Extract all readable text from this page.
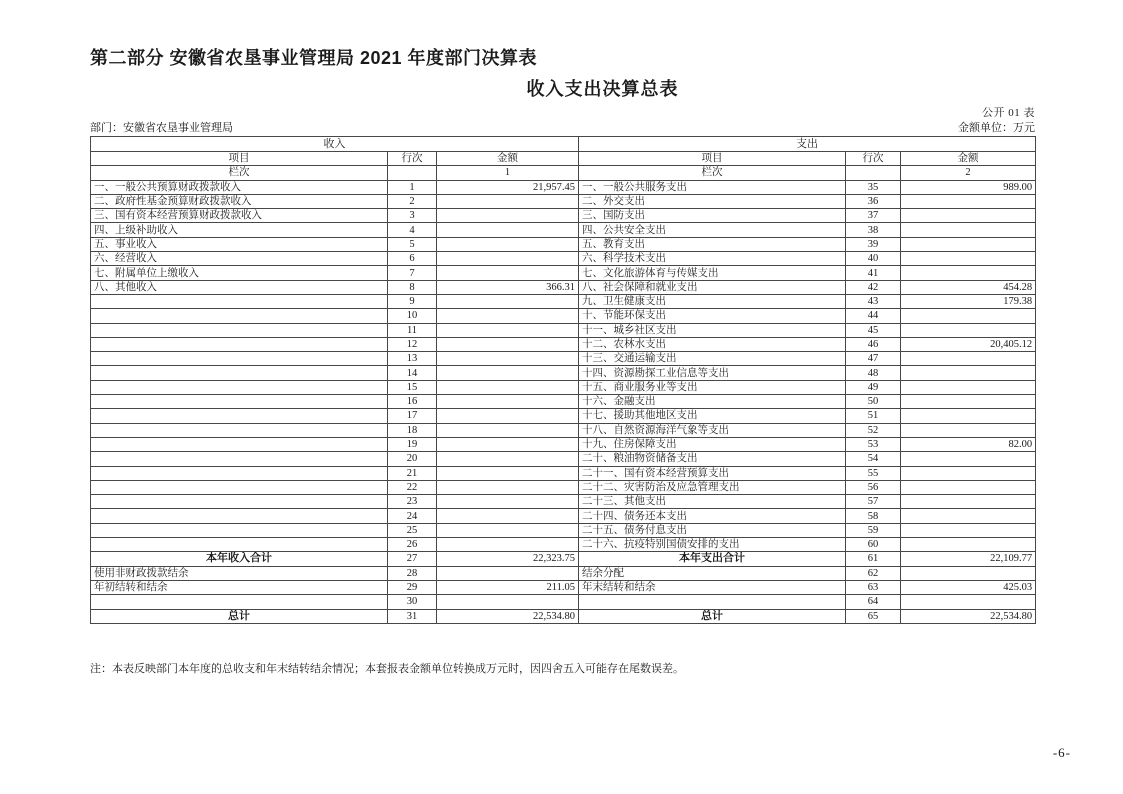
第二部分 安徽省农垦事业管理局 2021 年度部门决算表
收入支出决算总表
公开 01 表
部门：安徽省农垦事业管理局	金额单位：万元
收入			支出		
项目	行次	金额	项目	行次	金额
栏次		1	栏次		2
一、一般公共预算财政拨款收入	1	21,957.45	一、一般公共服务支出	35	989.00
二、政府性基金预算财政拨款收入	2		二、外交支出	36	
三、国有资本经营预算财政拨款收入	3		三、国防支出	37	
四、上级补助收入	4		四、公共安全支出	38	
五、事业收入	5		五、教育支出	39	
六、经营收入	6		六、科学技术支出	40	
七、附属单位上缴收入	7		七、文化旅游体育与传媒支出	41	
八、其他收入	8	366.31	八、社会保障和就业支出	42	454.28
	9		九、卫生健康支出	43	179.38
	10		十、节能环保支出	44	
	11		十一、城乡社区支出	45	
	12		十二、农林水支出	46	20,405.12
	13		十三、交通运输支出	47	
	14		十四、资源勘探工业信息等支出	48	
	15		十五、商业服务业等支出	49	
	16		十六、金融支出	50	
	17		十七、援助其他地区支出	51	
	18		十八、自然资源海洋气象等支出	52	
	19		十九、住房保障支出	53	82.00
	20		二十、粮油物资储备支出	54	
	21		二十一、国有资本经营预算支出	55	
	22		二十二、灾害防治及应急管理支出	56	
	23		二十三、其他支出	57	
	24		二十四、债务还本支出	58	
	25		二十五、债务付息支出	59	
	26		二十六、抗疫特别国债安排的支出	60	
本年收入合计	27	22,323.75	本年支出合计	61	22,109.77
使用非财政拨款结余	28		结余分配	62	
年初结转和结余	29	211.05	年末结转和结余	63	425.03
	30			64	
总计	31	22,534.80	总计	65	22,534.80
注：本表反映部门本年度的总收支和年末结转结余情况；本套报表金额单位转换成万元时，因四舍五入可能存在尾数误差。
-6-
